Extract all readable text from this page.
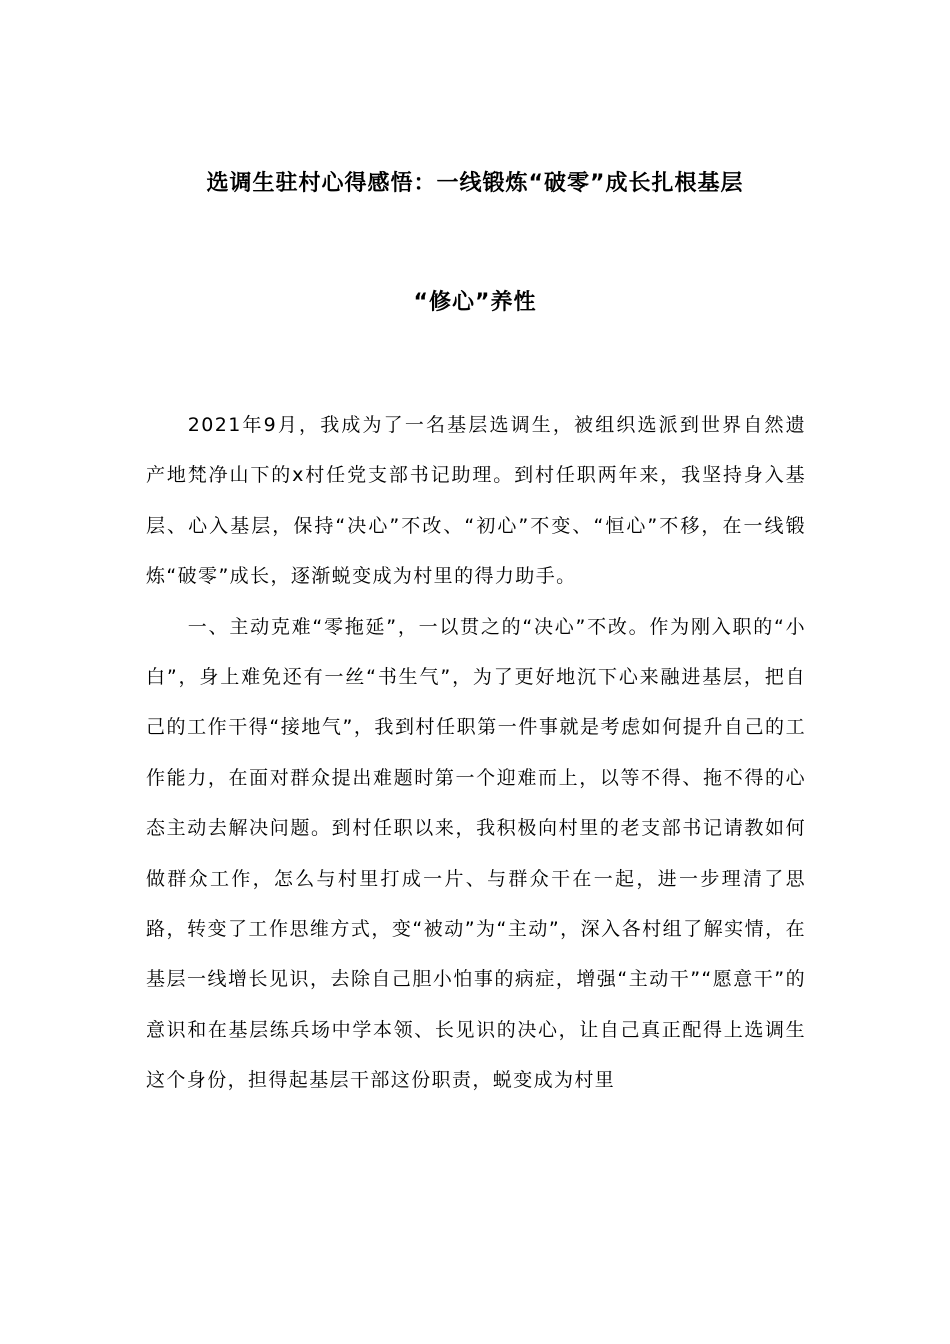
选调生驻村心得感悟：一线锻炼“破零”成长扎根基层
“修心”养性

2021年9月，我成为了一名基层选调生，被组织选派到世界自然遗产地梵净山下的x村任党支部书记助理。到村任职两年来，我坚持身入基层、心入基层，保持“决心”不改、“初心”不变、“恒心”不移，在一线锻炼“破零”成长，逐渐蜕变成为村里的得力助手。

一、主动克难“零拖延”，一以贯之的“决心”不改。作为刚入职的“小白”，身上难免还有一丝“书生气”，为了更好地沉下心来融进基层，把自己的工作干得“接地气”，我到村任职第一件事就是考虑如何提升自己的工作能力，在面对群众提出难题时第一个迎难而上，以等不得、拖不得的心态主动去解决问题。到村任职以来，我积极向村里的老支部书记请教如何做群众工作，怎么与村里打成一片、与群众干在一起，进一步理清了思路，转变了工作思维方式，变“被动”为“主动”，深入各村组了解实情，在基层一线增长见识，去除自己胆小怕事的病症，增强“主动干”“愿意干”的意识和在基层练兵场中学本领、长见识的决心，让自己真正配得上选调生这个身份，担得起基层干部这份职责，蜕变成为村里
